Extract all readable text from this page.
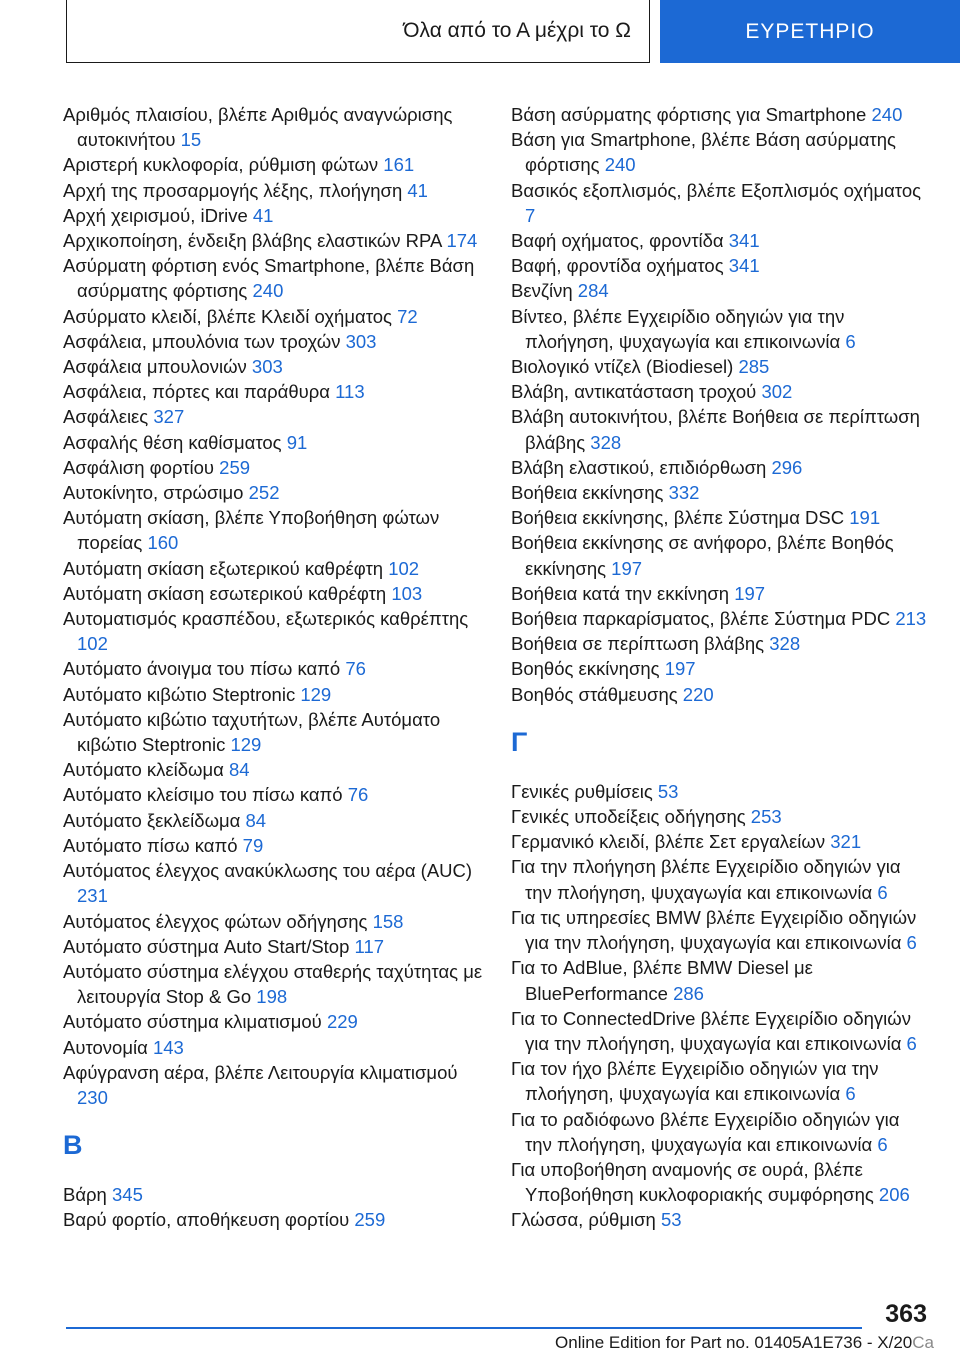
Όλα από το Α μέχρι το Ω	ΕΥΡΕΤΗΡΙΟ
Αριθμός πλαισίου, βλέπε Αριθμός αναγνώρισης αυτοκινήτου 15
Αριστερή κυκλοφορία, ρύθμιση φώτων 161
Αρχή της προσαρμογής λέξης, πλοήγηση 41
Αρχή χειρισμού, iDrive 41
Αρχικοποίηση, ένδειξη βλάβης ελαστικών RPA 174
Ασύρματη φόρτιση ενός Smartphone, βλέπε Βάση ασύρματης φόρτισης 240
Ασύρματο κλειδί, βλέπε Κλειδί οχήματος 72
Ασφάλεια, μπουλόνια των τροχών 303
Ασφάλεια μπουλονιών 303
Ασφάλεια, πόρτες και παράθυρα 113
Ασφάλειες 327
Ασφαλής θέση καθίσματος 91
Ασφάλιση φορτίου 259
Αυτοκίνητο, στρώσιμο 252
Αυτόματη σκίαση, βλέπε Υποβοήθηση φώτων πορείας 160
Αυτόματη σκίαση εξωτερικού καθρέφτη 102
Αυτόματη σκίαση εσωτερικού καθρέφτη 103
Αυτοματισμός κρασπέδου, εξωτερικός καθρέπτης 102
Αυτόματο άνοιγμα του πίσω καπό 76
Αυτόματο κιβώτιο Steptronic 129
Αυτόματο κιβώτιο ταχυτήτων, βλέπε Αυτόματο κιβώτιο Steptronic 129
Αυτόματο κλείδωμα 84
Αυτόματο κλείσιμο του πίσω καπό 76
Αυτόματο ξεκλείδωμα 84
Αυτόματο πίσω καπό 79
Αυτόματος έλεγχος ανακύκλωσης του αέρα (AUC) 231
Αυτόματος έλεγχος φώτων οδήγησης 158
Αυτόματο σύστημα Auto Start/Stop 117
Αυτόματο σύστημα ελέγχου σταθερής ταχύτητας με λειτουργία Stop & Go 198
Αυτόματο σύστημα κλιματισμού 229
Αυτονομία 143
Αφύγρανση αέρα, βλέπε Λειτουργία κλιματισμού 230
Β
Βάρη 345
Βαρύ φορτίο, αποθήκευση φορτίου 259
Βάση ασύρματης φόρτισης για Smartphone 240
Βάση για Smartphone, βλέπε Βάση ασύρματης φόρτισης 240
Βασικός εξοπλισμός, βλέπε Εξοπλισμός οχήματος 7
Βαφή οχήματος, φροντίδα 341
Βαφή, φροντίδα οχήματος 341
Βενζίνη 284
Βίντεο, βλέπε Εγχειρίδιο οδηγιών για την πλοήγηση, ψυχαγωγία και επικοινωνία 6
Βιολογικό ντίζελ (Biodiesel) 285
Βλάβη, αντικατάσταση τροχού 302
Βλάβη αυτοκινήτου, βλέπε Βοήθεια σε περίπτωση βλάβης 328
Βλάβη ελαστικού, επιδιόρθωση 296
Βοήθεια εκκίνησης 332
Βοήθεια εκκίνησης, βλέπε Σύστημα DSC 191
Βοήθεια εκκίνησης σε ανήφορο, βλέπε Βοηθός εκκίνησης 197
Βοήθεια κατά την εκκίνηση 197
Βοήθεια παρκαρίσματος, βλέπε Σύστημα PDC 213
Βοήθεια σε περίπτωση βλάβης 328
Βοηθός εκκίνησης 197
Βοηθός στάθμευσης 220
Γ
Γενικές ρυθμίσεις 53
Γενικές υποδείξεις οδήγησης 253
Γερμανικό κλειδί, βλέπε Σετ εργαλείων 321
Για την πλοήγηση βλέπε Εγχειρίδιο οδηγιών για την πλοήγηση, ψυχαγωγία και επικοινωνία 6
Για τις υπηρεσίες BMW βλέπε Εγχειρίδιο οδηγιών για την πλοήγηση, ψυχαγωγία και επικοινωνία 6
Για το AdBlue, βλέπε BMW Diesel με BluePerformance 286
Για το ConnectedDrive βλέπε Εγχειρίδιο οδηγιών για την πλοήγηση, ψυχαγωγία και επικοινωνία 6
Για τον ήχο βλέπε Εγχειρίδιο οδηγιών για την πλοήγηση, ψυχαγωγία και επικοινωνία 6
Για το ραδιόφωνο βλέπε Εγχειρίδιο οδηγιών για την πλοήγηση, ψυχαγωγία και επικοινωνία 6
Για υποβοήθηση αναμονής σε ουρά, βλέπε Υποβοήθηση κυκλοφοριακής συμφόρησης 206
Γλώσσα, ρύθμιση 53
363
Online Edition for Part no. 01405A1E736 - X/20Ca
